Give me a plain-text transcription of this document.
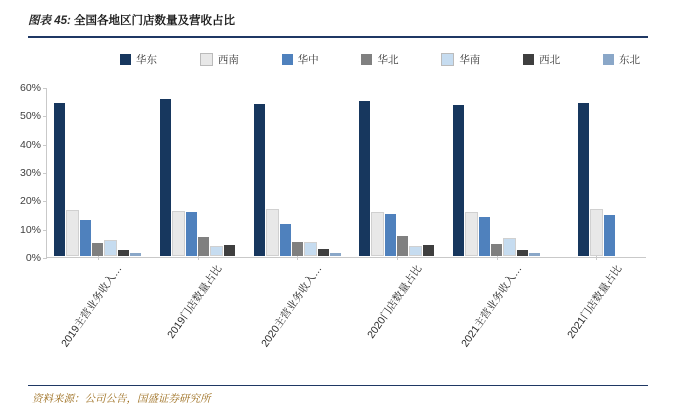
图表 45: 全国各地区门店数量及营收占比
华东	西南	华中	华北	华南	西北	东北
0%
10%
20%
30%
40%
50%
60%
2019主营业务收入…	2019门店数量占比	2020主营业务收入…	2020门店数量占比	2021主营业务收入…	2021门店数量占比
资料来源：公司公告，国盛证券研究所
